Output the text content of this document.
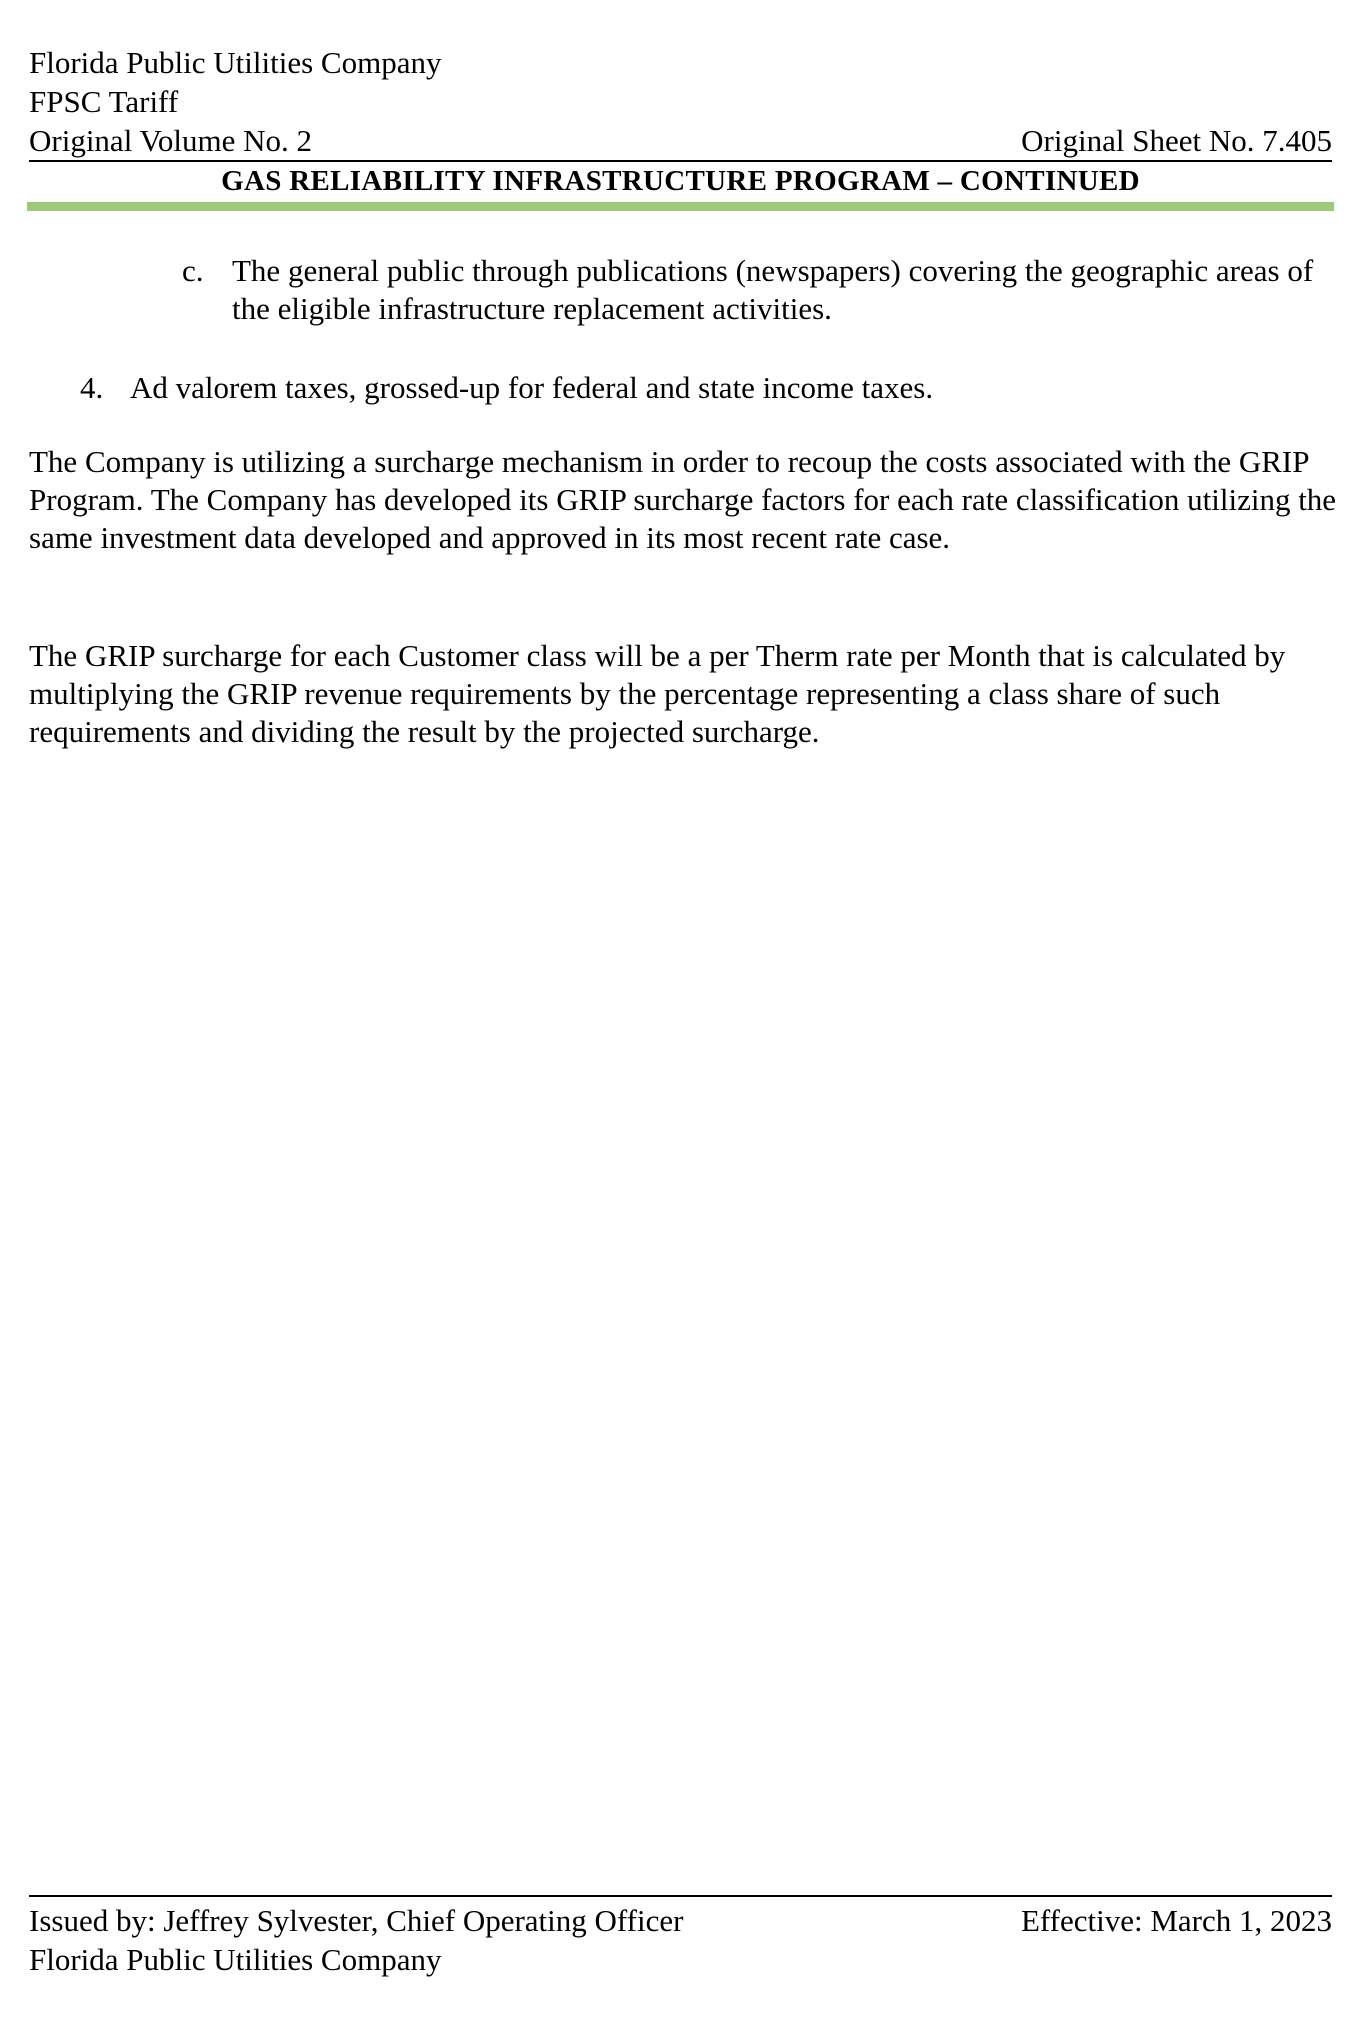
Florida Public Utilities Company
FPSC Tariff
Original Volume No. 2	Original Sheet No. 7.405
GAS RELIABILITY INFRASTRUCTURE PROGRAM – CONTINUED
c. The general public through publications (newspapers) covering the geographic areas of the eligible infrastructure replacement activities.
4. Ad valorem taxes, grossed-up for federal and state income taxes.
The Company is utilizing a surcharge mechanism in order to recoup the costs associated with the GRIP Program. The Company has developed its GRIP surcharge factors for each rate classification utilizing the same investment data developed and approved in its most recent rate case.
The GRIP surcharge for each Customer class will be a per Therm rate per Month that is calculated by multiplying the GRIP revenue requirements by the percentage representing a class share of such requirements and dividing the result by the projected surcharge.
Issued by: Jeffrey Sylvester, Chief Operating Officer	Effective: March 1, 2023
Florida Public Utilities Company
